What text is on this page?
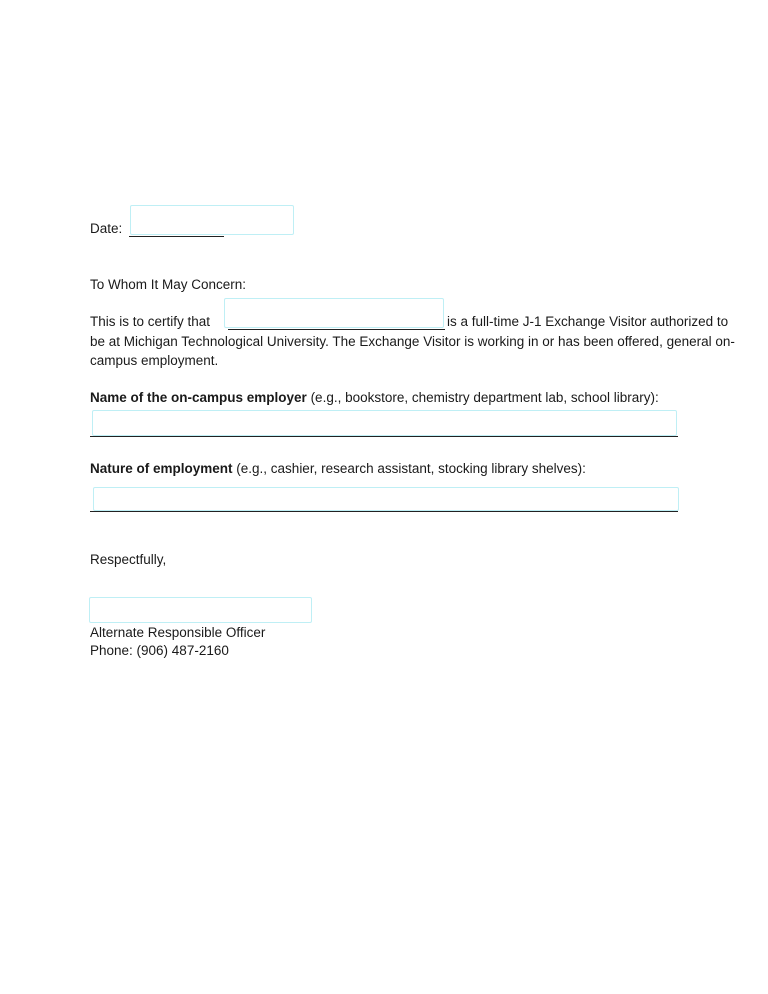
Date:
To Whom It May Concern:
This is to certify that	is a full-time J-1 Exchange Visitor authorized to
be at Michigan Technological University. The Exchange Visitor is working in or has been offered, general on-
campus employment.
Name of the on-campus employer (e.g., bookstore, chemistry department lab, school library):
Nature of employment (e.g., cashier, research assistant, stocking library shelves):
Respectfully,
Alternate Responsible Officer
Phone: (906) 487-2160
